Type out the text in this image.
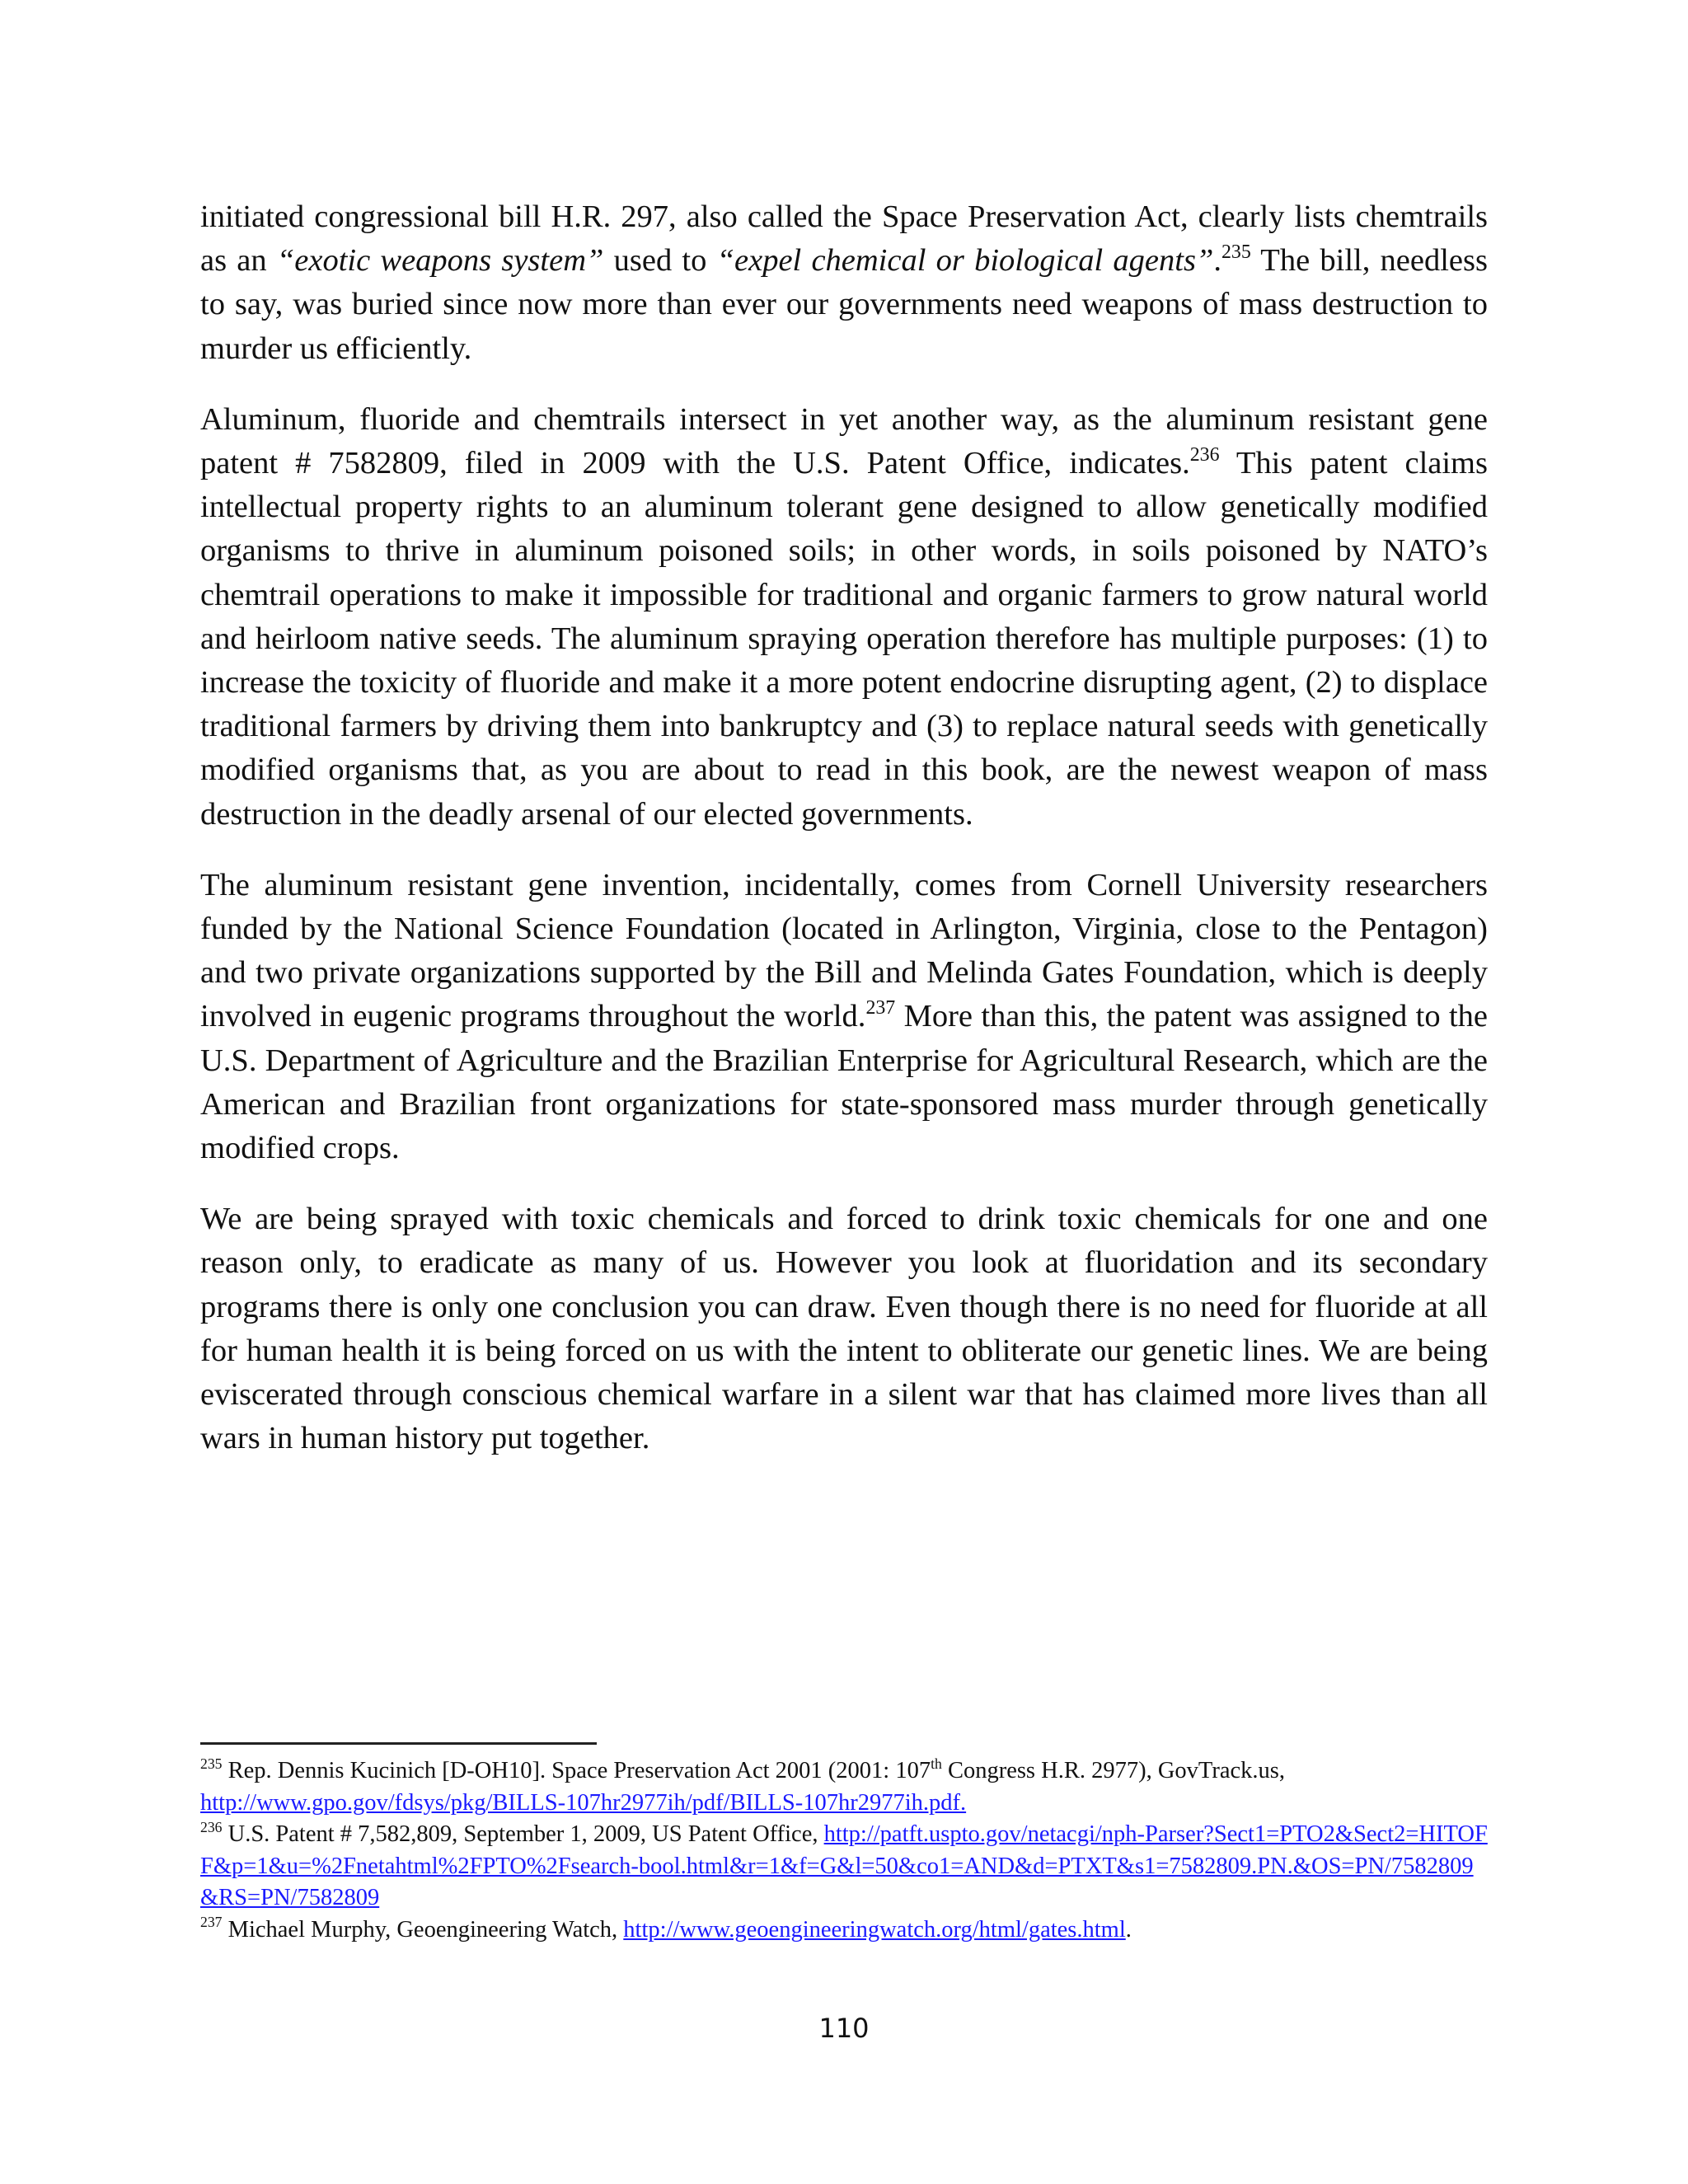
initiated congressional bill H.R. 297, also called the Space Preservation Act, clearly lists chemtrails as an “exotic weapons system” used to “expel chemical or biological agents”.$^{235}$ The bill, needless to say, was buried since now more than ever our governments need weapons of mass destruction to murder us efficiently.

Aluminum, fluoride and chemtrails intersect in yet another way, as the aluminum resistant gene patent # 7582809, filed in 2009 with the U.S. Patent Office, indicates.$^{236}$ This patent claims intellectual property rights to an aluminum tolerant gene designed to allow genetically modified organisms to thrive in aluminum poisoned soils; in other words, in soils poisoned by NATO’s chemtrail operations to make it impossible for traditional and organic farmers to grow natural world and heirloom native seeds. The aluminum spraying operation therefore has multiple purposes: (1) to increase the toxicity of fluoride and make it a more potent endocrine disrupting agent, (2) to displace traditional farmers by driving them into bankruptcy and (3) to replace natural seeds with genetically modified organisms that, as you are about to read in this book, are the newest weapon of mass destruction in the deadly arsenal of our elected governments.

The aluminum resistant gene invention, incidentally, comes from Cornell University researchers funded by the National Science Foundation (located in Arlington, Virginia, close to the Pentagon) and two private organizations supported by the Bill and Melinda Gates Foundation, which is deeply involved in eugenic programs throughout the world.$^{237}$ More than this, the patent was assigned to the U.S. Department of Agriculture and the Brazilian Enterprise for Agricultural Research, which are the American and Brazilian front organizations for state-sponsored mass murder through genetically modified crops.

We are being sprayed with toxic chemicals and forced to drink toxic chemicals for one and one reason only, to eradicate as many of us. However you look at fluoridation and its secondary programs there is only one conclusion you can draw. Even though there is no need for fluoride at all for human health it is being forced on us with the intent to obliterate our genetic lines. We are being eviscerated through conscious chemical warfare in a silent war that has claimed more lives than all wars in human history put together.

$^{235}$ Rep. Dennis Kucinich [D-OH10]. Space Preservation Act 2001 (2001: 107th Congress H.R. 2977), GovTrack.us,
http://www.gpo.gov/fdsys/pkg/BILLS-107hr2977ih/pdf/BILLS-107hr2977ih.pdf.

$^{236}$ U.S. Patent # 7,582,809, September 1, 2009, US Patent Office, http://patft.uspto.gov/netacgi/nph-Parser?Sect1=PTO2&Sect2=HITOFF&p=1&u=%2Fnetahtml%2FPTO%2Fsearch-bool.html&r=1&f=G&l=50&co1=AND&d=PTXT&s1=7582809.PN.&OS=PN/7582809&RS=PN/7582809

$^{237}$ Michael Murphy, Geoengineering Watch, http://www.geoengineeringwatch.org/html/gates.html.

110
